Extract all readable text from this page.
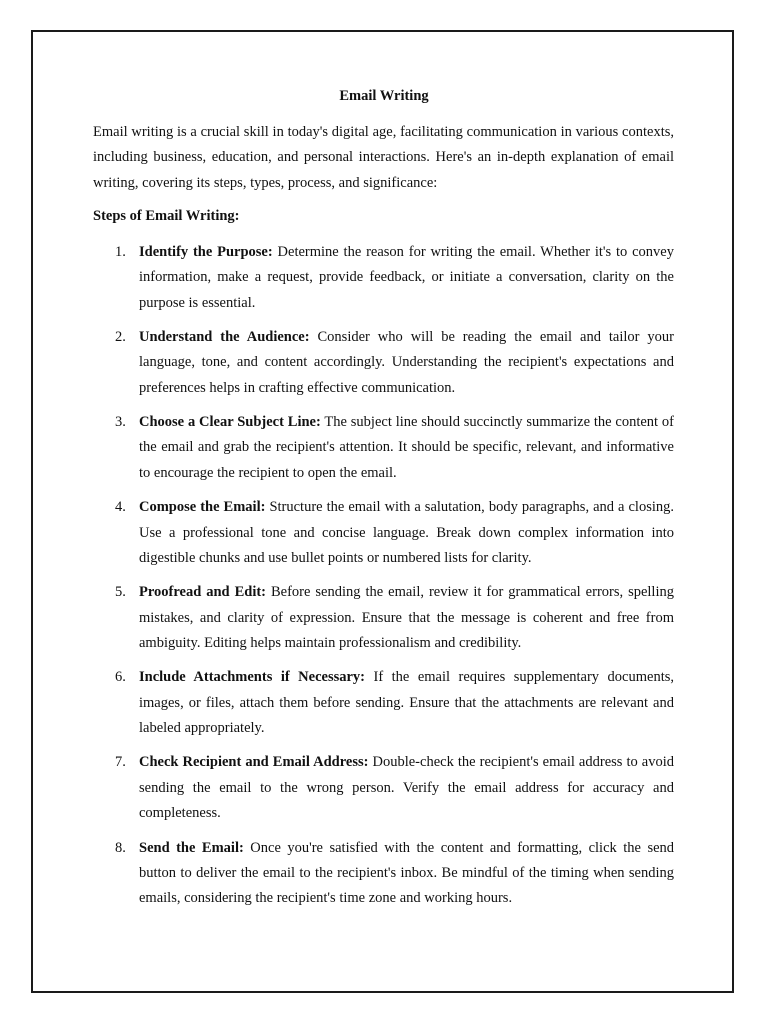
Email Writing

Email writing is a crucial skill in today's digital age, facilitating communication in various contexts, including business, education, and personal interactions. Here's an in-depth explanation of email writing, covering its steps, types, process, and significance:

Steps of Email Writing:

1. Identify the Purpose: Determine the reason for writing the email. Whether it's to convey information, make a request, provide feedback, or initiate a conversation, clarity on the purpose is essential.
2. Understand the Audience: Consider who will be reading the email and tailor your language, tone, and content accordingly. Understanding the recipient's expectations and preferences helps in crafting effective communication.
3. Choose a Clear Subject Line: The subject line should succinctly summarize the content of the email and grab the recipient's attention. It should be specific, relevant, and informative to encourage the recipient to open the email.
4. Compose the Email: Structure the email with a salutation, body paragraphs, and a closing. Use a professional tone and concise language. Break down complex information into digestible chunks and use bullet points or numbered lists for clarity.
5. Proofread and Edit: Before sending the email, review it for grammatical errors, spelling mistakes, and clarity of expression. Ensure that the message is coherent and free from ambiguity. Editing helps maintain professionalism and credibility.
6. Include Attachments if Necessary: If the email requires supplementary documents, images, or files, attach them before sending. Ensure that the attachments are relevant and labeled appropriately.
7. Check Recipient and Email Address: Double-check the recipient's email address to avoid sending the email to the wrong person. Verify the email address for accuracy and completeness.
8. Send the Email: Once you're satisfied with the content and formatting, click the send button to deliver the email to the recipient's inbox. Be mindful of the timing when sending emails, considering the recipient's time zone and working hours.
